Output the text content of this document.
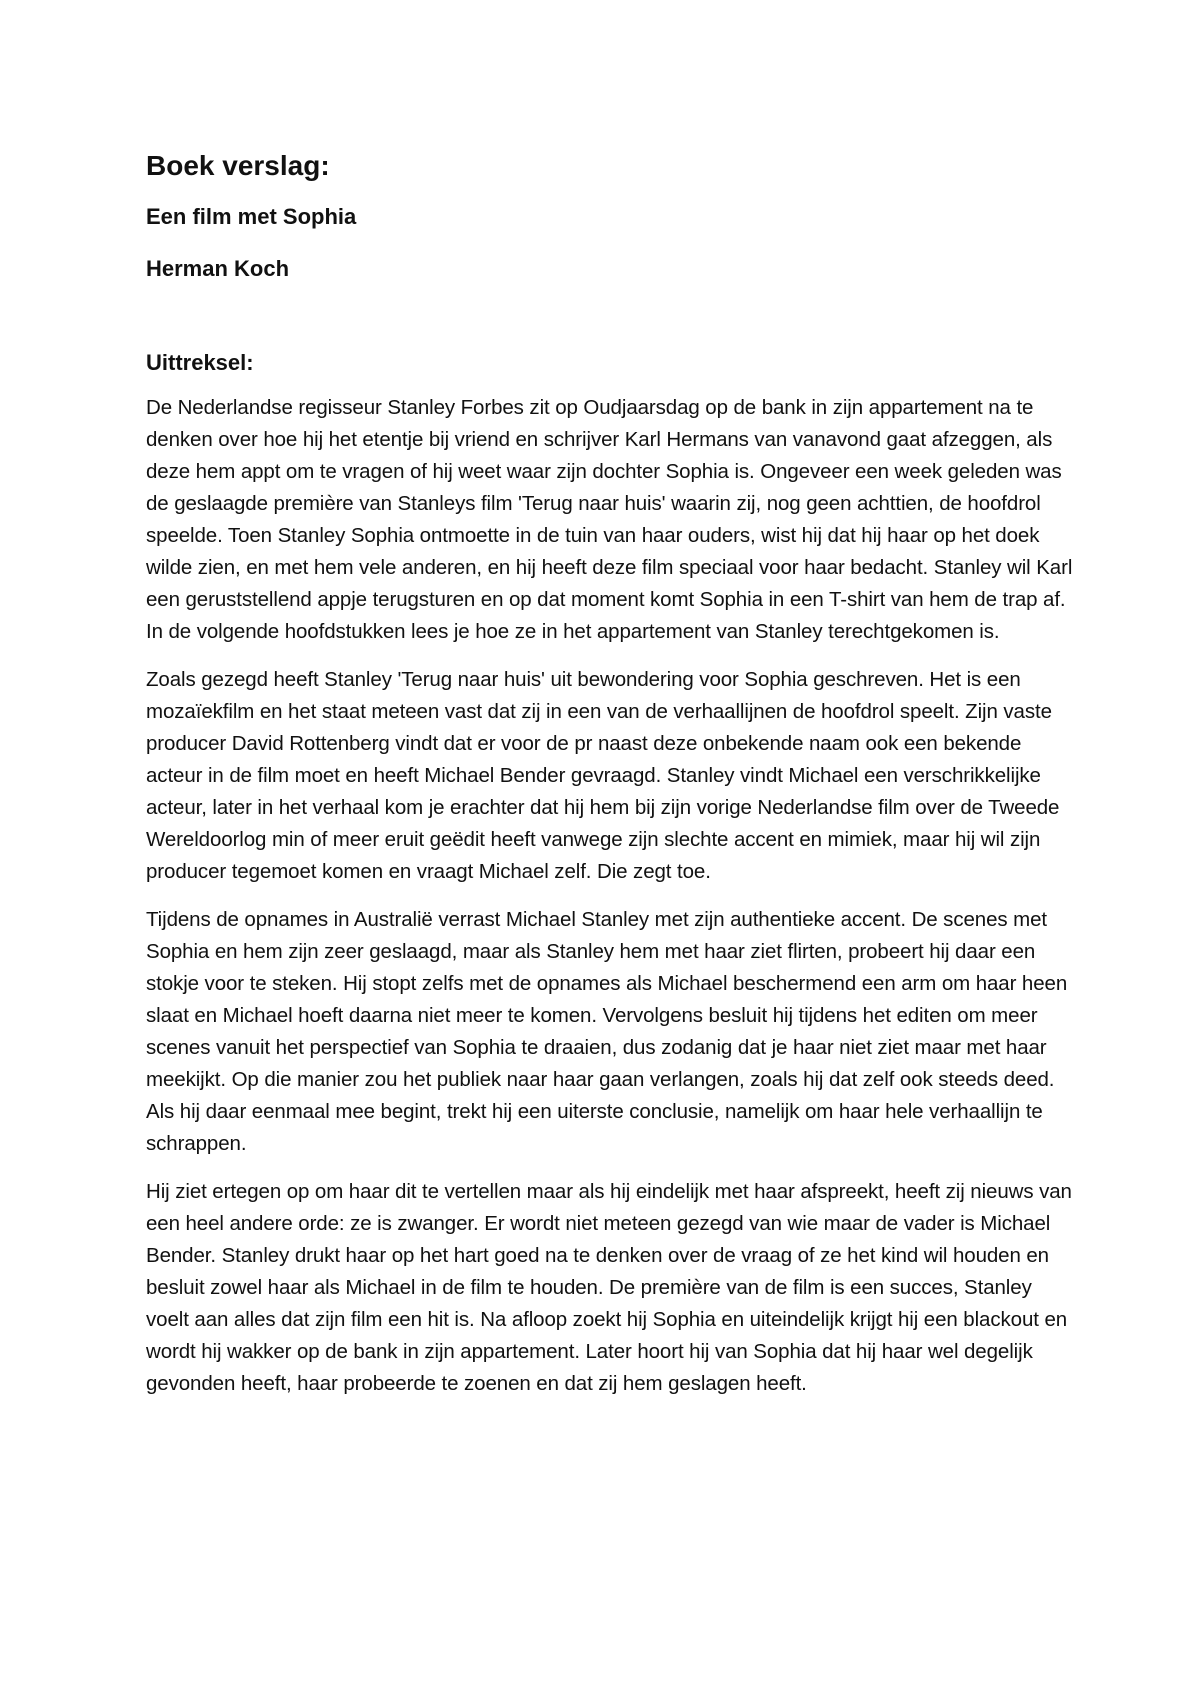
Boek verslag:
Een film met Sophia
Herman Koch
Uittreksel:

De Nederlandse regisseur Stanley Forbes zit op Oudjaarsdag op de bank in zijn appartement na te denken over hoe hij het etentje bij vriend en schrijver Karl Hermans van vanavond gaat afzeggen, als deze hem appt om te vragen of hij weet waar zijn dochter Sophia is. Ongeveer een week geleden was de geslaagde première van Stanleys film 'Terug naar huis' waarin zij, nog geen achttien, de hoofdrol speelde. Toen Stanley Sophia ontmoette in de tuin van haar ouders, wist hij dat hij haar op het doek wilde zien, en met hem vele anderen, en hij heeft deze film speciaal voor haar bedacht. Stanley wil Karl een geruststellend appje terugsturen en op dat moment komt Sophia in een T-shirt van hem de trap af. In de volgende hoofdstukken lees je hoe ze in het appartement van Stanley terechtgekomen is.

Zoals gezegd heeft Stanley 'Terug naar huis' uit bewondering voor Sophia geschreven. Het is een mozaïekfilm en het staat meteen vast dat zij in een van de verhaallijnen de hoofdrol speelt. Zijn vaste producer David Rottenberg vindt dat er voor de pr naast deze onbekende naam ook een bekende acteur in de film moet en heeft Michael Bender gevraagd. Stanley vindt Michael een verschrikkelijke acteur, later in het verhaal kom je erachter dat hij hem bij zijn vorige Nederlandse film over de Tweede Wereldoorlog min of meer eruit geëdit heeft vanwege zijn slechte accent en mimiek, maar hij wil zijn producer tegemoet komen en vraagt Michael zelf. Die zegt toe.

Tijdens de opnames in Australië verrast Michael Stanley met zijn authentieke accent. De scenes met Sophia en hem zijn zeer geslaagd, maar als Stanley hem met haar ziet flirten, probeert hij daar een stokje voor te steken. Hij stopt zelfs met de opnames als Michael beschermend een arm om haar heen slaat en Michael hoeft daarna niet meer te komen. Vervolgens besluit hij tijdens het editen om meer scenes vanuit het perspectief van Sophia te draaien, dus zodanig dat je haar niet ziet maar met haar meekijkt. Op die manier zou het publiek naar haar gaan verlangen, zoals hij dat zelf ook steeds deed. Als hij daar eenmaal mee begint, trekt hij een uiterste conclusie, namelijk om haar hele verhaallijn te schrappen.

Hij ziet ertegen op om haar dit te vertellen maar als hij eindelijk met haar afspreekt, heeft zij nieuws van een heel andere orde: ze is zwanger. Er wordt niet meteen gezegd van wie maar de vader is Michael Bender. Stanley drukt haar op het hart goed na te denken over de vraag of ze het kind wil houden en besluit zowel haar als Michael in de film te houden. De première van de film is een succes, Stanley voelt aan alles dat zijn film een hit is. Na afloop zoekt hij Sophia en uiteindelijk krijgt hij een blackout en wordt hij wakker op de bank in zijn appartement. Later hoort hij van Sophia dat hij haar wel degelijk gevonden heeft, haar probeerde te zoenen en dat zij hem geslagen heeft.
